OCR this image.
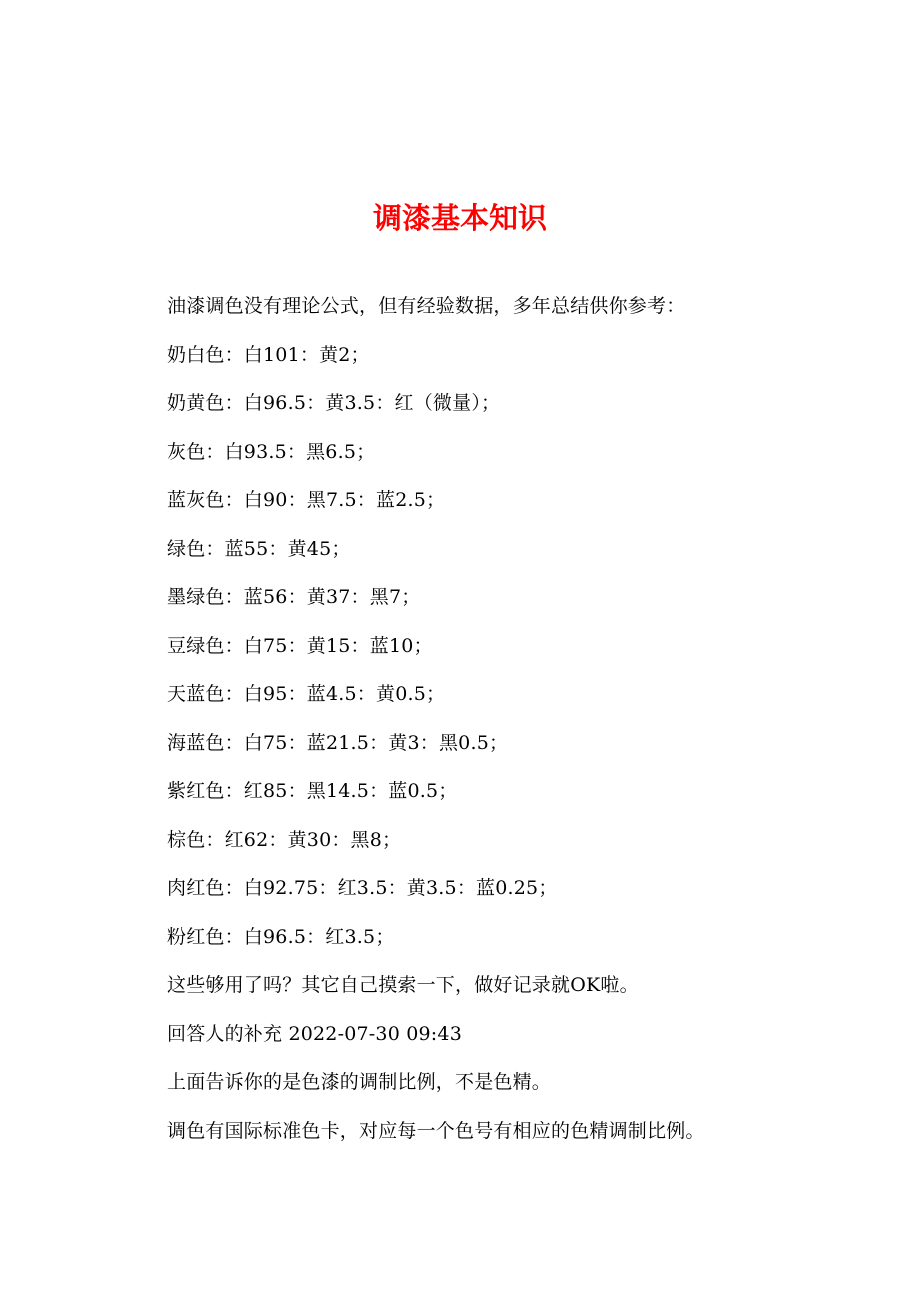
调漆基本知识
油漆调色没有理论公式，但有经验数据，多年总结供你参考：
奶白色：白101：黄2；
奶黄色：白96.5：黄3.5：红（微量）；
灰色：白93.5：黑6.5；
蓝灰色：白90：黑7.5：蓝2.5；
绿色：蓝55：黄45；
墨绿色：蓝56：黄37：黑7；
豆绿色：白75：黄15：蓝10；
天蓝色：白95：蓝4.5：黄0.5；
海蓝色：白75：蓝21.5：黄3：黑0.5；
紫红色：红85：黑14.5：蓝0.5；
棕色：红62：黄30：黑8；
肉红色：白92.75：红3.5：黄3.5：蓝0.25；
粉红色：白96.5：红3.5；
这些够用了吗？其它自己摸索一下，做好记录就OK啦。
回答人的补充 2022-07-30 09:43
上面告诉你的是色漆的调制比例，不是色精。
调色有国际标准色卡，对应每一个色号有相应的色精调制比例。
